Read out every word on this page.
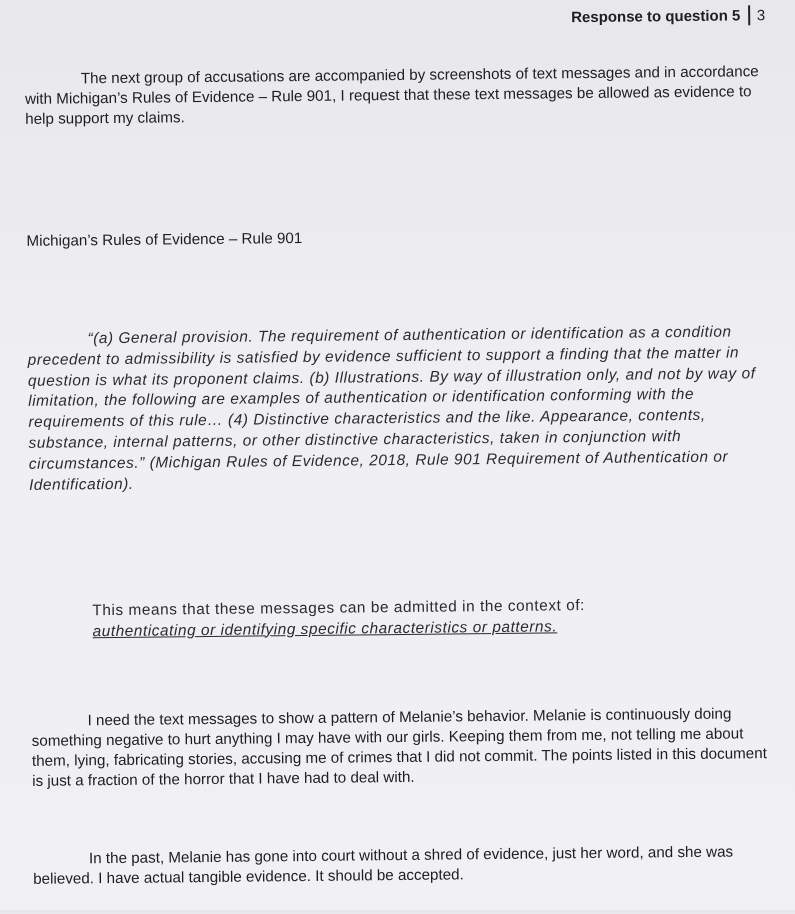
Response to question 5 3

The next group of accusations are accompanied by screenshots of text messages and in accordance with Michigan’s Rules of Evidence – Rule 901, I request that these text messages be allowed as evidence to help support my claims.

Michigan’s Rules of Evidence – Rule 901

“(a) General provision. The requirement of authentication or identification as a condition precedent to admissibility is satisfied by evidence sufficient to support a finding that the matter in question is what its proponent claims. (b) Illustrations. By way of illustration only, and not by way of limitation, the following are examples of authentication or identification conforming with the requirements of this rule… (4) Distinctive characteristics and the like. Appearance, contents, substance, internal patterns, or other distinctive characteristics, taken in conjunction with circumstances.” (Michigan Rules of Evidence, 2018, Rule 901 Requirement of Authentication or Identification).

This means that these messages can be admitted in the context of:
authenticating or identifying specific characteristics or patterns.

I need the text messages to show a pattern of Melanie’s behavior. Melanie is continuously doing something negative to hurt anything I may have with our girls. Keeping them from me, not telling me about them, lying, fabricating stories, accusing me of crimes that I did not commit. The points listed in this document is just a fraction of the horror that I have had to deal with.

In the past, Melanie has gone into court without a shred of evidence, just her word, and she was believed. I have actual tangible evidence. It should be accepted.
